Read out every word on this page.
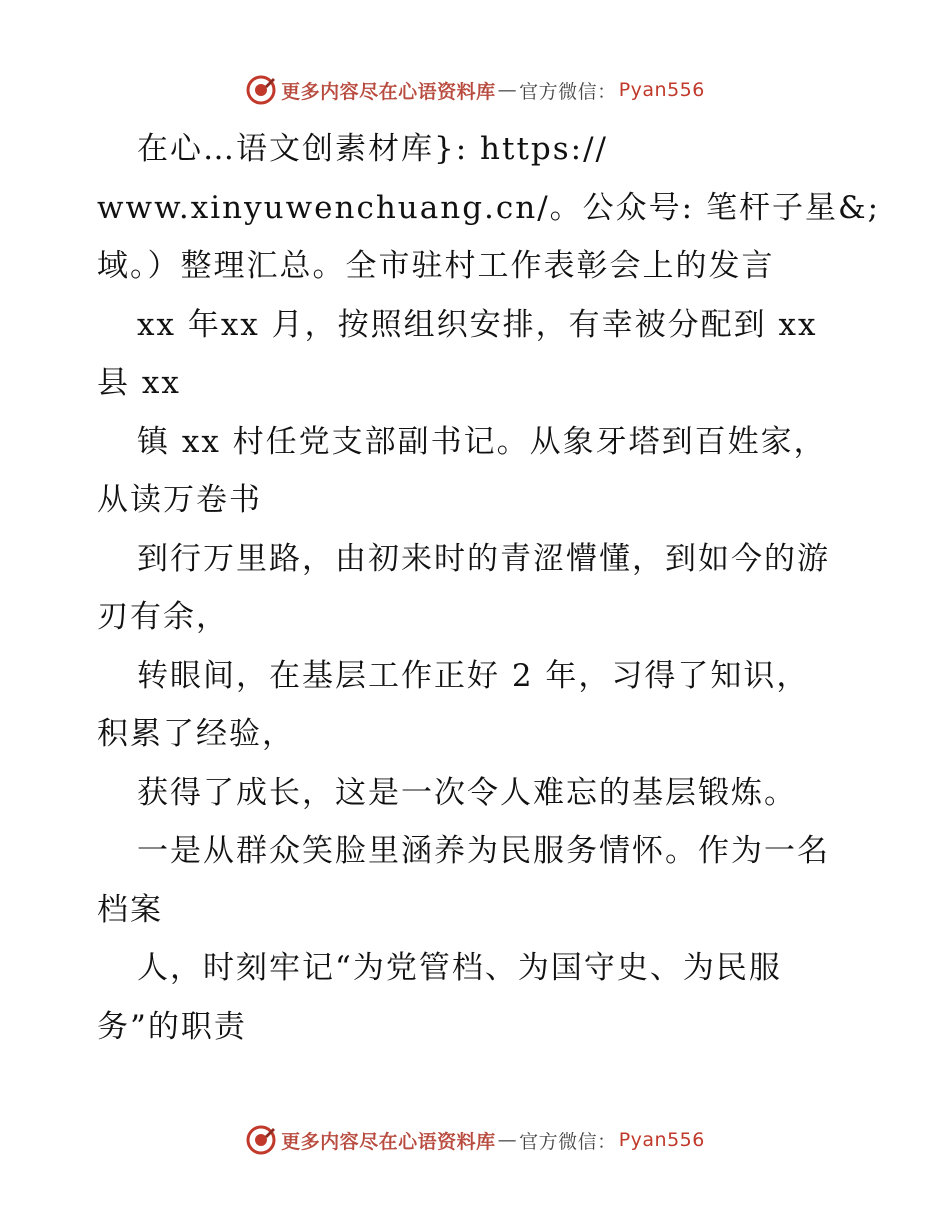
更多内容尽在心语资料库 — 官方微信： Pyan556
在心…语文创素材库}: https://
www.xinyuwenchuang.cn/。公众号: 笔杆子星&;
域。）整理汇总。全市驻村工作表彰会上的发言
xx 年xx 月，按照组织安排，有幸被分配到 xx
县 xx
镇 xx 村任党支部副书记。从象牙塔到百姓家，
从读万卷书
到行万里路，由初来时的青涩懵懂，到如今的游
刃有余，
转眼间，在基层工作正好 2 年，习得了知识，
积累了经验，
获得了成长，这是一次令人难忘的基层锻炼。
一是从群众笑脸里涵养为民服务情怀。作为一名
档案
人，时刻牢记“为党管档、为国守史、为民服
务”的职责
更多内容尽在心语资料库 — 官方微信： Pyan556
